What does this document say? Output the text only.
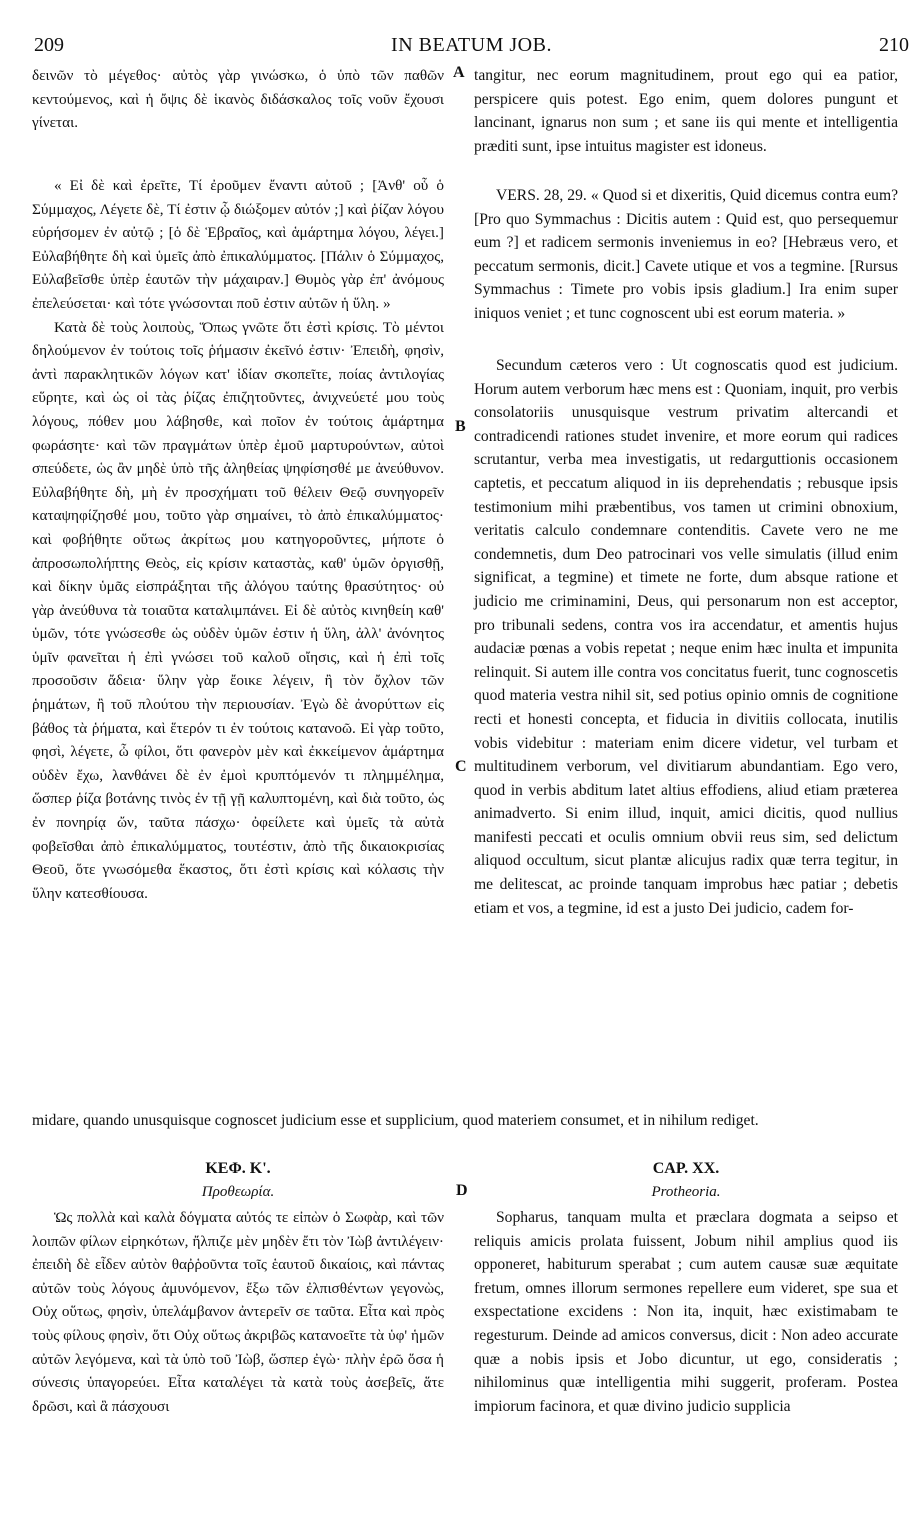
IN BEATUM JOB.
209	210
A
B
C
D

δεινῶν τὸ μέγεθος· αὐτὸς γὰρ γινώσκω, ὁ ὑπὸ τῶν παθῶν κεντούμενος, καὶ ἡ ὄψις δὲ ἱκανὸς διδάσκαλος τοῖς νοῦν ἔχουσι γίνεται.

« Εἰ δὲ καὶ ἐρεῖτε, Τί ἐροῦμεν ἔναντι αὐτοῦ ; [Ἀνθ' οὗ ὁ Σύμμαχος, Λέγετε δὲ, Τί ἐστιν ᾧ διώξομεν αὐτόν ;] καὶ ῥίζαν λόγου εὑρήσομεν ἐν αὐτῷ ; [ὁ δὲ Ἑβραῖος, καὶ ἁμάρτημα λόγου, λέγει.] Εὐλαβήθητε δὴ καὶ ὑμεῖς ἀπὸ ἐπικαλύμματος. [Πάλιν ὁ Σύμμαχος, Εὐλαβεῖσθε ὑπὲρ ἑαυτῶν τὴν μάχαιραν.] Θυμὸς γὰρ ἐπ' ἀνόμους ἐπελεύσεται· καὶ τότε γνώσονται ποῦ ἐστιν αὐτῶν ἡ ὕλη. »

Κατὰ δὲ τοὺς λοιποὺς, Ὅπως γνῶτε ὅτι ἐστὶ κρίσις. Τὸ μέντοι δηλούμενον ἐν τούτοις τοῖς ῥήμασιν ἐκεῖνό ἐστιν· Ἐπειδὴ, φησὶν, ἀντὶ παρακλητικῶν λόγων κατ' ἰδίαν σκοπεῖτε, ποίας ἀντιλογίας εὕρητε, καὶ ὡς οἱ τὰς ῥίζας ἐπιζητοῦντες, ἀνιχνεύετέ μου τοὺς λόγους, πόθεν μου λάβησθε, καὶ ποῖον ἐν τούτοις ἁμάρτημα φωράσητε· καὶ τῶν πραγμάτων ὑπὲρ ἐμοῦ μαρτυρούντων, αὐτοὶ σπεύδετε, ὡς ἂν μηδὲ ὑπὸ τῆς ἀληθείας ψηφίσησθέ με ἀνεύθυνον. Εὐλαβήθητε δὴ, μὴ ἐν προσχήματι τοῦ θέλειν Θεῷ συνηγορεῖν καταψηφίζησθέ μου, τοῦτο γὰρ σημαίνει, τὸ ἀπὸ ἐπικαλύμματος· καὶ φοβήθητε οὕτως ἀκρίτως μου κατηγοροῦντες, μήποτε ὁ ἀπροσωπολήπτης Θεὸς, εἰς κρίσιν καταστὰς, καθ' ὑμῶν ὀργισθῇ, καὶ δίκην ὑμᾶς εἰσπράξηται τῆς ἀλόγου ταύτης θρασύτητος· οὐ γὰρ ἀνεύθυνα τὰ τοιαῦτα καταλιμπάνει. Εἰ δὲ αὐτὸς κινηθείη καθ' ὑμῶν, τότε γνώσεσθε ὡς οὐδὲν ὑμῶν ἐστιν ἡ ὕλη, ἀλλ' ἀνόνητος ὑμῖν φανεῖται ἡ ἐπὶ γνώσει τοῦ καλοῦ οἴησις, καὶ ἡ ἐπὶ τοῖς προσοῦσιν ἄδεια· ὕλην γὰρ ἔοικε λέγειν, ἢ τὸν ὄχλον τῶν ῥημάτων, ἢ τοῦ πλούτου τὴν περιουσίαν. Ἐγὼ δὲ ἀνορύττων εἰς βάθος τὰ ῥήματα, καὶ ἕτερόν τι ἐν τούτοις κατανοῶ. Εἰ γὰρ τοῦτο, φησὶ, λέγετε, ὦ φίλοι, ὅτι φανερὸν μὲν καὶ ἐκκείμενον ἁμάρτημα οὐδὲν ἔχω, λανθάνει δὲ ἐν ἐμοὶ κρυπτόμενόν τι πλημμέλημα, ὥσπερ ῥίζα βοτάνης τινὸς ἐν τῇ γῇ καλυπτομένη, καὶ διὰ τοῦτο, ὡς ἐν πονηρίᾳ ὤν, ταῦτα πάσχω· ὀφείλετε καὶ ὑμεῖς τὰ αὐτὰ φοβεῖσθαι ἀπὸ ἐπικαλύμματος, τουτέστιν, ἀπὸ τῆς δικαιοκρισίας Θεοῦ, ὅτε γνωσόμεθα ἕκαστος, ὅτι ἐστὶ κρίσις καὶ κόλασις τὴν ὕλην κατεσθίουσα.

tangitur, nec eorum magnitudinem, prout ego qui ea patior, perspicere quis potest. Ego enim, quem dolores pungunt et lancinant, ignarus non sum ; et sane iis qui mente et intelligentia præditi sunt, ipse intuitus magister est idoneus.

VERS. 28, 29. « Quod si et dixeritis, Quid dicemus contra eum? [Pro quo Symmachus : Dicitis autem : Quid est, quo persequemur eum ?] et radicem sermonis inveniemus in eo? [Hebræus vero, et peccatum sermonis, dicit.] Cavete utique et vos a tegmine. [Rursus Symmachus : Timete pro vobis ipsis gladium.] Ira enim super iniquos veniet ; et tunc cognoscent ubi est eorum materia. »

Secundum cæteros vero : Ut cognoscatis quod est judicium. Horum autem verborum hæc mens est : Quoniam, inquit, pro verbis consolatoriis unusquisque vestrum privatim altercandi et contradicendi rationes studet invenire, et more eorum qui radices scrutantur, verba mea investigatis, ut redarguttionis occasionem captetis, et peccatum aliquod in iis deprehendatis ; rebusque ipsis testimonium mihi præbentibus, vos tamen ut crimini obnoxium, veritatis calculo condemnare contenditis. Cavete vero ne me condemnetis, dum Deo patrocinari vos velle simulatis (illud enim significat, a tegmine) et timete ne forte, dum absque ratione et judicio me criminamini, Deus, qui personarum non est acceptor, pro tribunali sedens, contra vos ira accendatur, et amentis hujus audaciæ pœnas a vobis repetat ; neque enim hæc inulta et impunita relinquit. Si autem ille contra vos concitatus fuerit, tunc cognoscetis quod materia vestra nihil sit, sed potius opinio omnis de cognitione recti et honesti concepta, et fiducia in divitiis collocata, inutilis vobis videbitur : materiam enim dicere videtur, vel turbam et multitudinem verborum, vel divitiarum abundantiam. Ego vero, quod in verbis abditum latet altius effodiens, aliud etiam præterea animadverto. Si enim illud, inquit, amici dicitis, quod nullius manifesti peccati et oculis omnium obvii reus sim, sed delictum aliquod occultum, sicut plantæ alicujus radix quæ terra tegitur, in me delitescat, ac proinde tanquam improbus hæc patiar ; debetis etiam et vos, a tegmine, id est a justo Dei judicio, cadem for-

midare, quando unusquisque cognoscet judicium esse et supplicium, quod materiem consumet, et in nihilum rediget.
ΚΕΦ. Κ'.
Προθεωρία.
CAP. XX.
Protheoria.

Ὡς πολλὰ καὶ καλὰ δόγματα αὐτός τε εἰπὼν ὁ Σωφὰρ, καὶ τῶν λοιπῶν φίλων εἰρηκότων, ἤλπιζε μὲν μηδὲν ἔτι τὸν Ἰὼβ ἀντιλέγειν· ἐπειδὴ δὲ εἶδεν αὐτὸν θαῤῥοῦντα τοῖς ἑαυτοῦ δικαίοις, καὶ πάντας αὐτῶν τοὺς λόγους ἀμυνόμενον, ἔξω τῶν ἐλπισθέντων γεγονὼς, Οὐχ οὕτως, φησὶν, ὑπελάμβανον ἀντερεῖν σε ταῦτα. Εἶτα καὶ πρὸς τοὺς φίλους φησὶν, ὅτι Οὐχ οὕτως ἀκριβῶς κατανοεῖτε τὰ ὑφ' ἡμῶν αὐτῶν λεγόμενα, καὶ τὰ ὑπὸ τοῦ Ἰὼβ, ὥσπερ ἐγὼ· πλὴν ἐρῶ ὅσα ἡ σύνεσις ὑπαγορεύει. Εἶτα καταλέγει τὰ κατὰ τοὺς ἀσεβεῖς, ἅτε δρῶσι, καὶ ἃ πάσχουσι

Sopharus, tanquam multa et præclara dogmata a seipso et reliquis amicis prolata fuissent, Jobum nihil amplius quod iis opponeret, habiturum sperabat ; cum autem causæ suæ æquitate fretum, omnes illorum sermones repellere eum videret, spe sua et exspectatione excidens : Non ita, inquit, hæc existimabam te regesturum. Deinde ad amicos conversus, dicit : Non adeo accurate quæ a nobis ipsis et Jobo dicuntur, ut ego, consideratis ; nihilominus quæ intelligentia mihi suggerit, proferam. Postea impiorum facinora, et quæ divino judicio supplicia
